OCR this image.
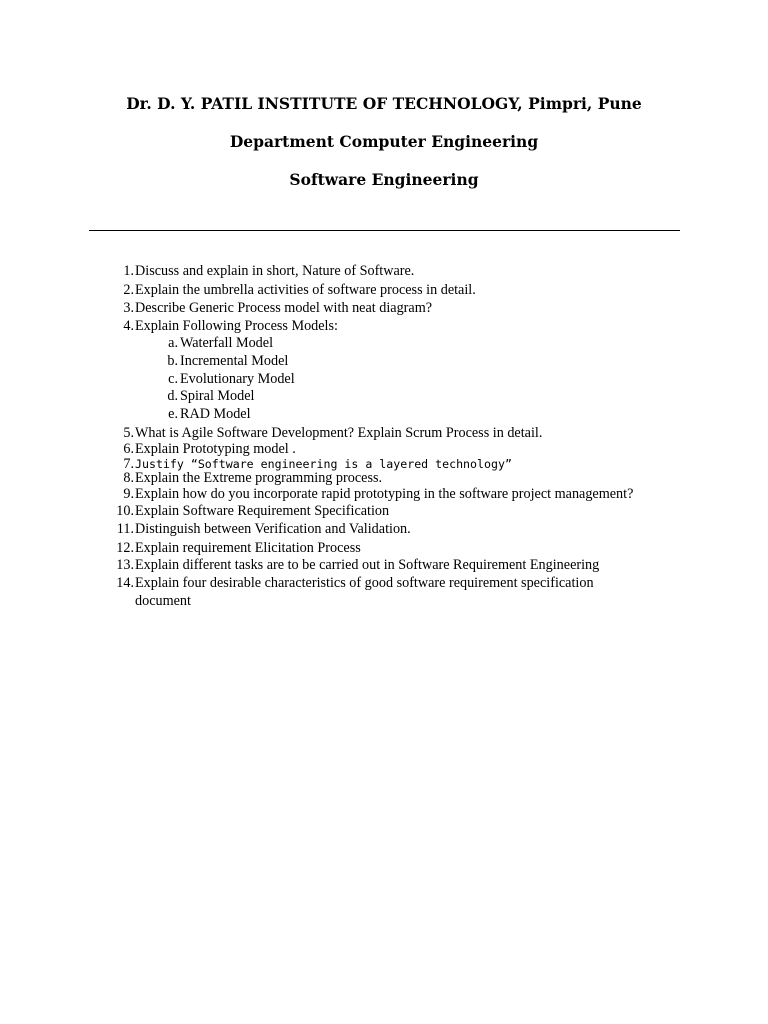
Dr. D. Y. PATIL INSTITUTE OF TECHNOLOGY, Pimpri, Pune
Department Computer Engineering
Software Engineering
1. Discuss and explain in short, Nature of Software.
2. Explain the umbrella activities of software process in detail.
3. Describe Generic Process model with neat diagram?
4. Explain Following Process Models:
a. Waterfall Model
b. Incremental Model
c. Evolutionary Model
d. Spiral Model
e. RAD Model
5. What is Agile Software Development? Explain Scrum Process in detail.
6. Explain Prototyping model .
7. Justify “Software engineering is a layered technology”
8. Explain the Extreme programming process.
9. Explain how do you incorporate rapid prototyping in the software project management?
10. Explain Software Requirement Specification
11. Distinguish between Verification and Validation.
12. Explain requirement Elicitation Process
13. Explain different tasks are to be carried out in Software Requirement Engineering
14. Explain four desirable characteristics of good software requirement specification
document
